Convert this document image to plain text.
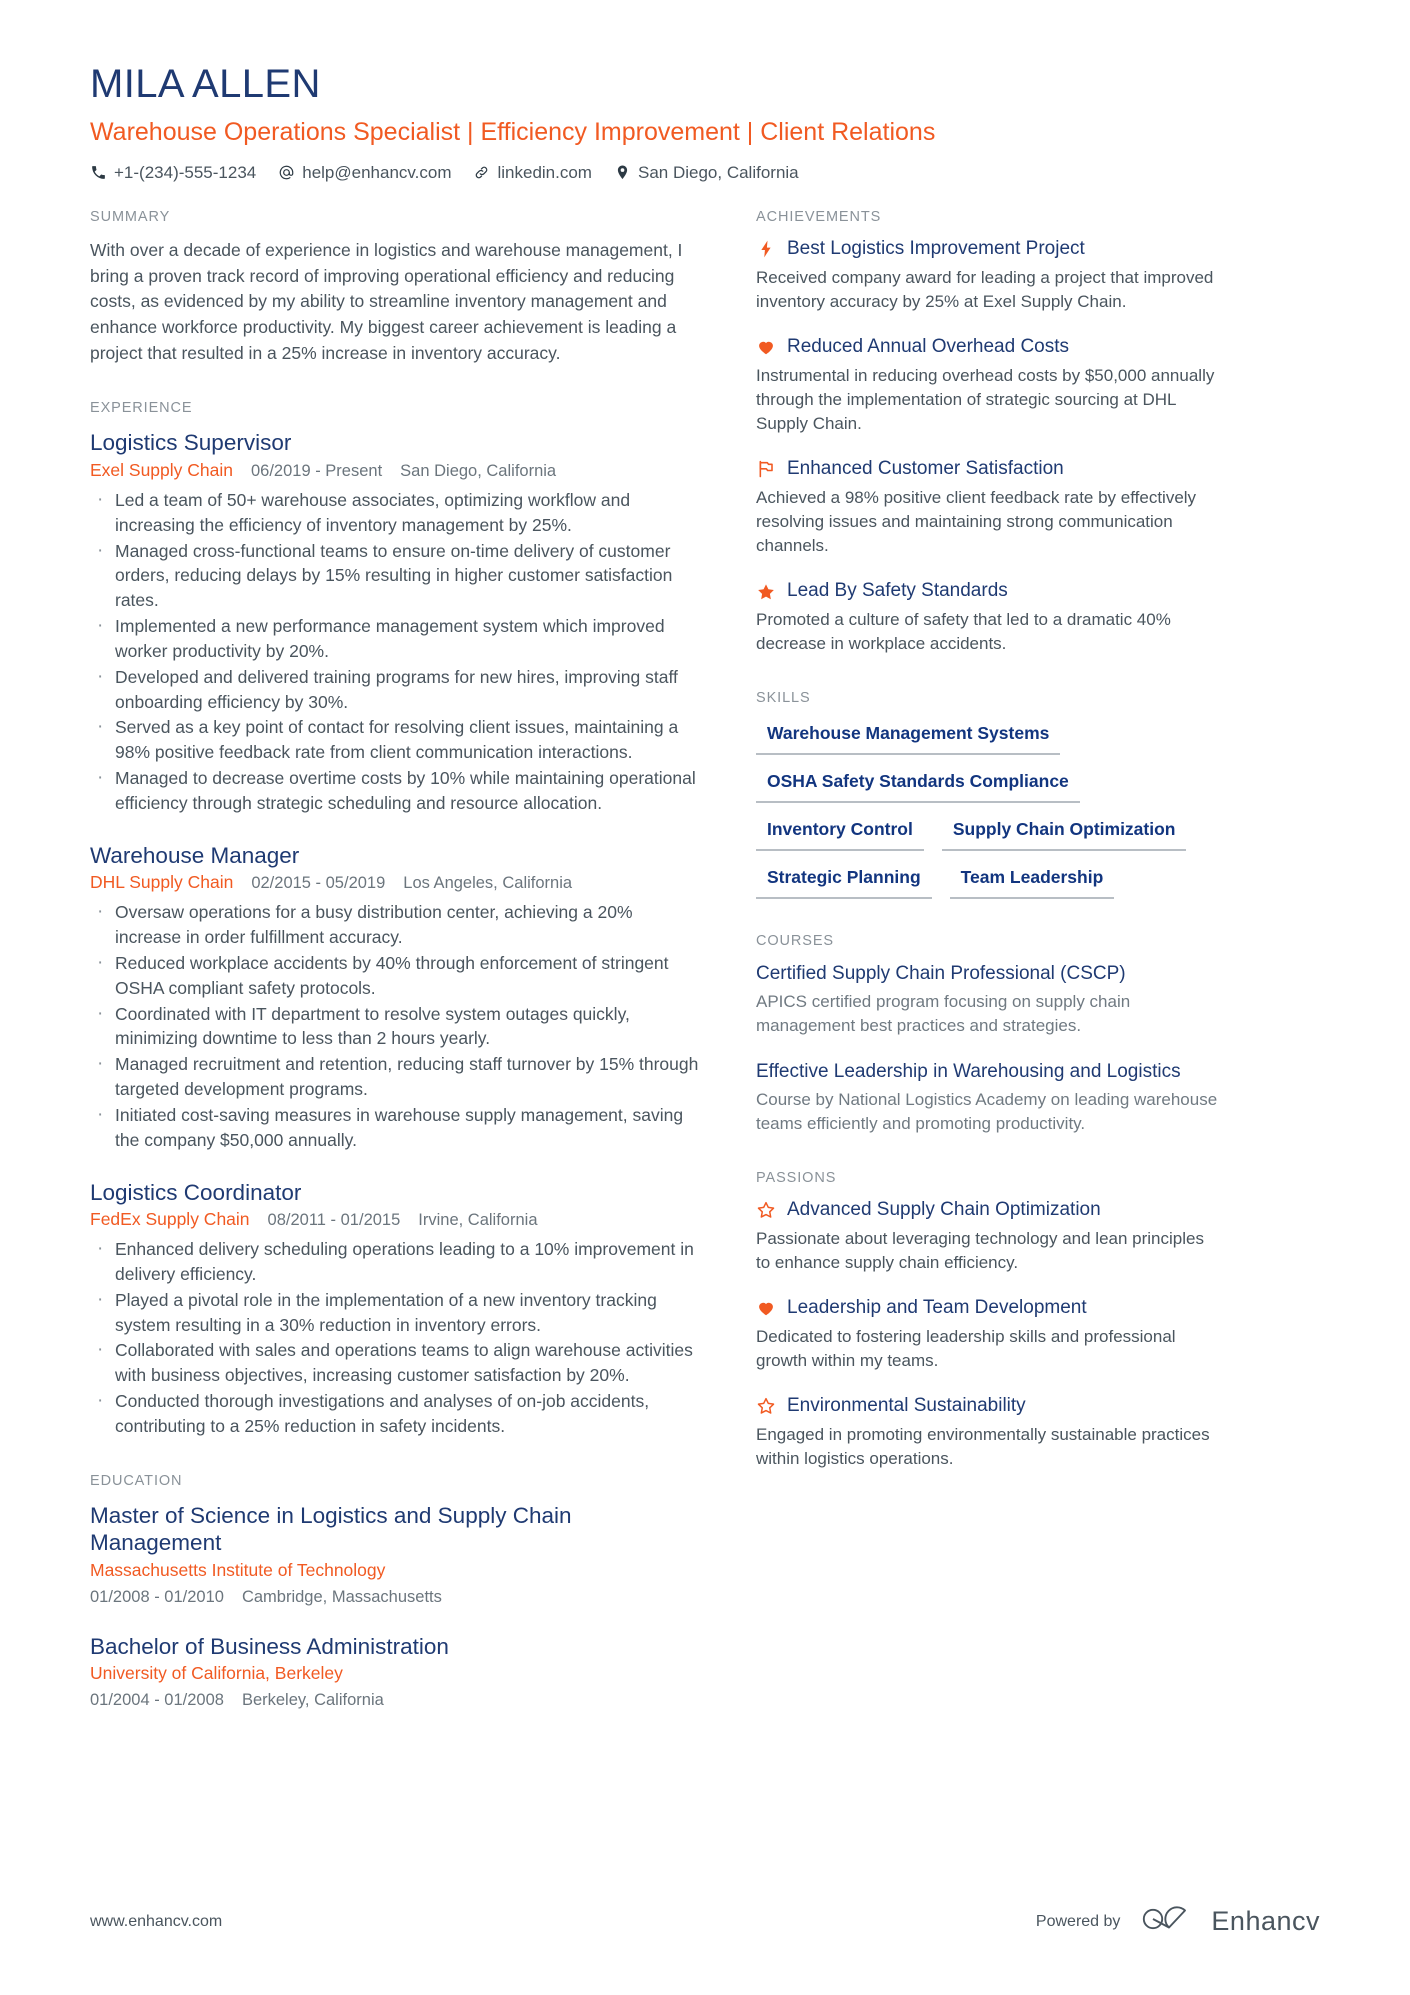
MILA ALLEN
Warehouse Operations Specialist | Efficiency Improvement | Client Relations
+1-(234)-555-1234	help@enhancv.com	linkedin.com	San Diego, California
SUMMARY
With over a decade of experience in logistics and warehouse management, I bring a proven track record of improving operational efficiency and reducing costs, as evidenced by my ability to streamline inventory management and enhance workforce productivity. My biggest career achievement is leading a project that resulted in a 25% increase in inventory accuracy.
EXPERIENCE
Logistics Supervisor
Exel Supply Chain 06/2019 - Present San Diego, California
· Led a team of 50+ warehouse associates, optimizing workflow and increasing the efficiency of inventory management by 25%.
· Managed cross-functional teams to ensure on-time delivery of customer orders, reducing delays by 15% resulting in higher customer satisfaction rates.
· Implemented a new performance management system which improved worker productivity by 20%.
· Developed and delivered training programs for new hires, improving staff onboarding efficiency by 30%.
· Served as a key point of contact for resolving client issues, maintaining a 98% positive feedback rate from client communication interactions.
· Managed to decrease overtime costs by 10% while maintaining operational efficiency through strategic scheduling and resource allocation.
Warehouse Manager
DHL Supply Chain 02/2015 - 05/2019 Los Angeles, California
· Oversaw operations for a busy distribution center, achieving a 20% increase in order fulfillment accuracy.
· Reduced workplace accidents by 40% through enforcement of stringent OSHA compliant safety protocols.
· Coordinated with IT department to resolve system outages quickly, minimizing downtime to less than 2 hours yearly.
· Managed recruitment and retention, reducing staff turnover by 15% through targeted development programs.
· Initiated cost-saving measures in warehouse supply management, saving the company $50,000 annually.
Logistics Coordinator
FedEx Supply Chain 08/2011 - 01/2015 Irvine, California
· Enhanced delivery scheduling operations leading to a 10% improvement in delivery efficiency.
· Played a pivotal role in the implementation of a new inventory tracking system resulting in a 30% reduction in inventory errors.
· Collaborated with sales and operations teams to align warehouse activities with business objectives, increasing customer satisfaction by 20%.
· Conducted thorough investigations and analyses of on-job accidents, contributing to a 25% reduction in safety incidents.
EDUCATION
Master of Science in Logistics and Supply Chain Management
Massachusetts Institute of Technology
01/2008 - 01/2010 Cambridge, Massachusetts
Bachelor of Business Administration
University of California, Berkeley
01/2004 - 01/2008 Berkeley, California
ACHIEVEMENTS
Best Logistics Improvement Project
Received company award for leading a project that improved inventory accuracy by 25% at Exel Supply Chain.
Reduced Annual Overhead Costs
Instrumental in reducing overhead costs by $50,000 annually through the implementation of strategic sourcing at DHL Supply Chain.
Enhanced Customer Satisfaction
Achieved a 98% positive client feedback rate by effectively resolving issues and maintaining strong communication channels.
Lead By Safety Standards
Promoted a culture of safety that led to a dramatic 40% decrease in workplace accidents.
SKILLS
Warehouse Management Systems
OSHA Safety Standards Compliance
Inventory Control	Supply Chain Optimization
Strategic Planning	Team Leadership
COURSES
Certified Supply Chain Professional (CSCP)
APICS certified program focusing on supply chain management best practices and strategies.
Effective Leadership in Warehousing and Logistics
Course by National Logistics Academy on leading warehouse teams efficiently and promoting productivity.
PASSIONS
Advanced Supply Chain Optimization
Passionate about leveraging technology and lean principles to enhance supply chain efficiency.
Leadership and Team Development
Dedicated to fostering leadership skills and professional growth within my teams.
Environmental Sustainability
Engaged in promoting environmentally sustainable practices within logistics operations.
www.enhancv.com	Powered by	Enhancv
